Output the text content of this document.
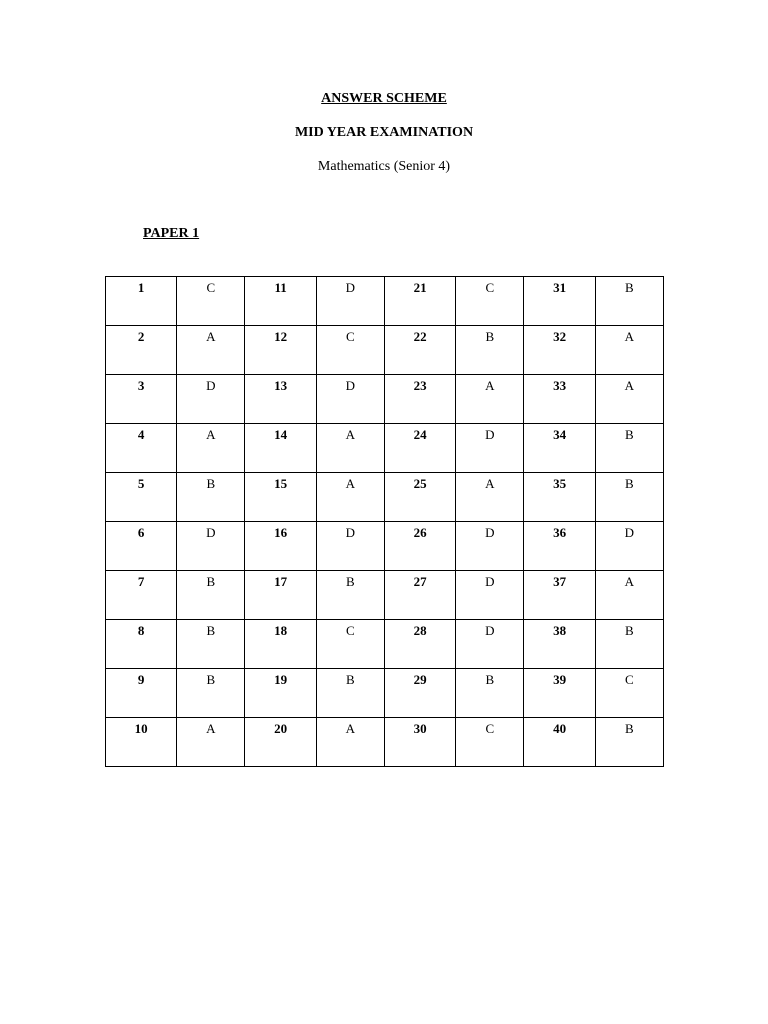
ANSWER SCHEME
MID YEAR EXAMINATION
Mathematics (Senior 4)
PAPER 1
1	C	11	D	21	C	31	B
2	A	12	C	22	B	32	A
3	D	13	D	23	A	33	A
4	A	14	A	24	D	34	B
5	B	15	A	25	A	35	B
6	D	16	D	26	D	36	D
7	B	17	B	27	D	37	A
8	B	18	C	28	D	38	B
9	B	19	B	29	B	39	C
10	A	20	A	30	C	40	B
